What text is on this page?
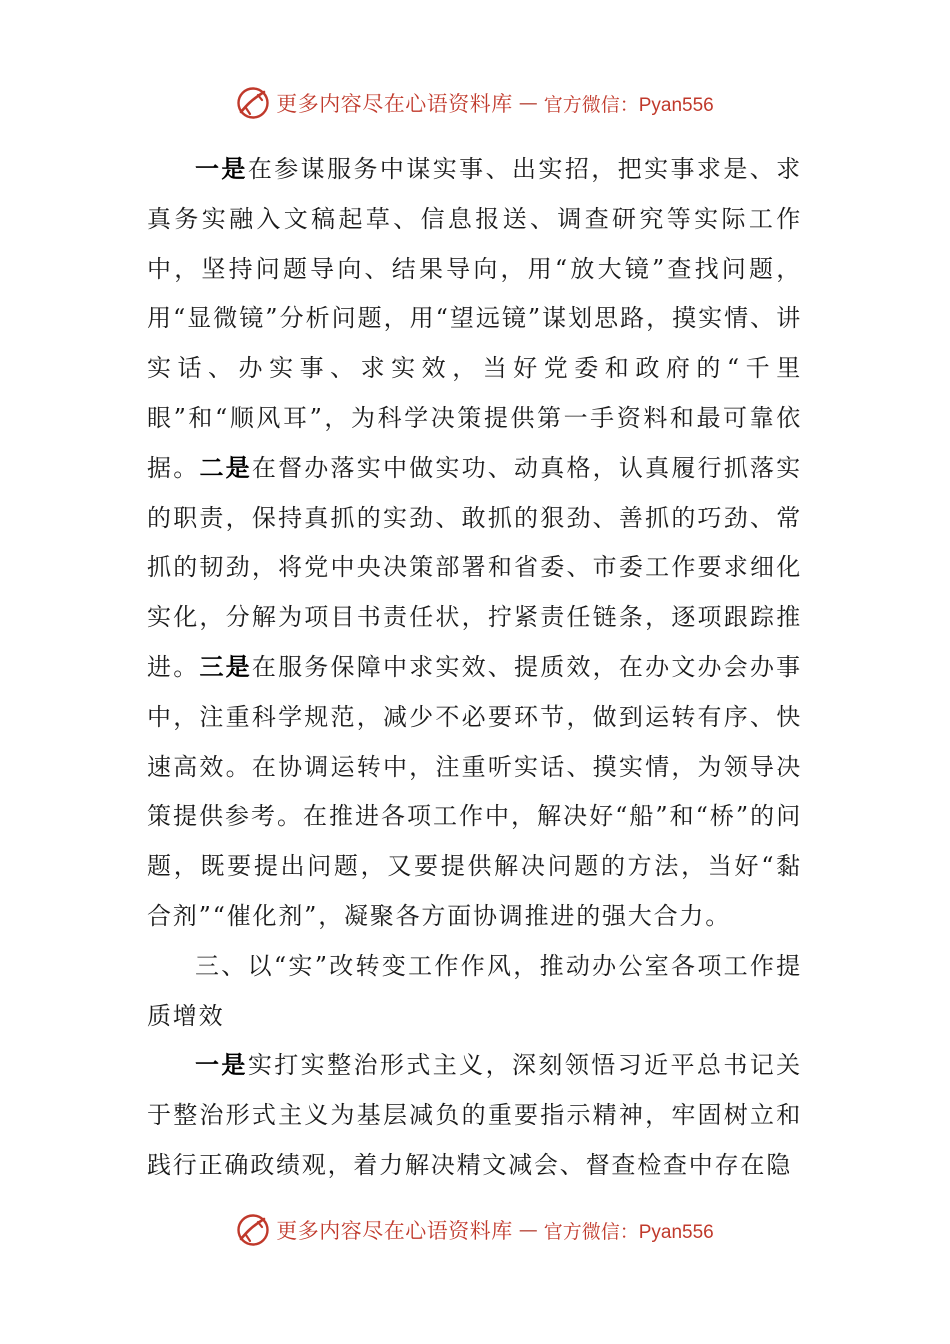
更多内容尽在心语资料库 — 官方微信：Pyan556

一是在参谋服务中谋实事、出实招，把实事求是、求真务实融入文稿起草、信息报送、调查研究等实际工作中，坚持问题导向、结果导向，用“放大镜”查找问题，用“显微镜”分析问题，用“望远镜”谋划思路，摸实情、讲实话、办实事、求实效，当好党委和政府的“千里眼”和“顺风耳”，为科学决策提供第一手资料和最可靠依据。二是在督办落实中做实功、动真格，认真履行抓落实的职责，保持真抓的实劲、敢抓的狠劲、善抓的巧劲、常抓的韧劲，将党中央决策部署和省委、市委工作要求细化实化，分解为项目书责任状，拧紧责任链条，逐项跟踪推进。三是在服务保障中求实效、提质效，在办文办会办事中，注重科学规范，减少不必要环节，做到运转有序、快速高效。在协调运转中，注重听实话、摸实情，为领导决策提供参考。在推进各项工作中，解决好“船”和“桥”的问题，既要提出问题，又要提供解决问题的方法，当好“黏合剂”“催化剂”，凝聚各方面协调推进的强大合力。

三、以“实”改转变工作作风，推动办公室各项工作提质增效

一是实打实整治形式主义，深刻领悟习近平总书记关于整治形式主义为基层减负的重要指示精神，牢固树立和践行正确政绩观，着力解决精文减会、督查检查中存在隐

更多内容尽在心语资料库 — 官方微信：Pyan556
